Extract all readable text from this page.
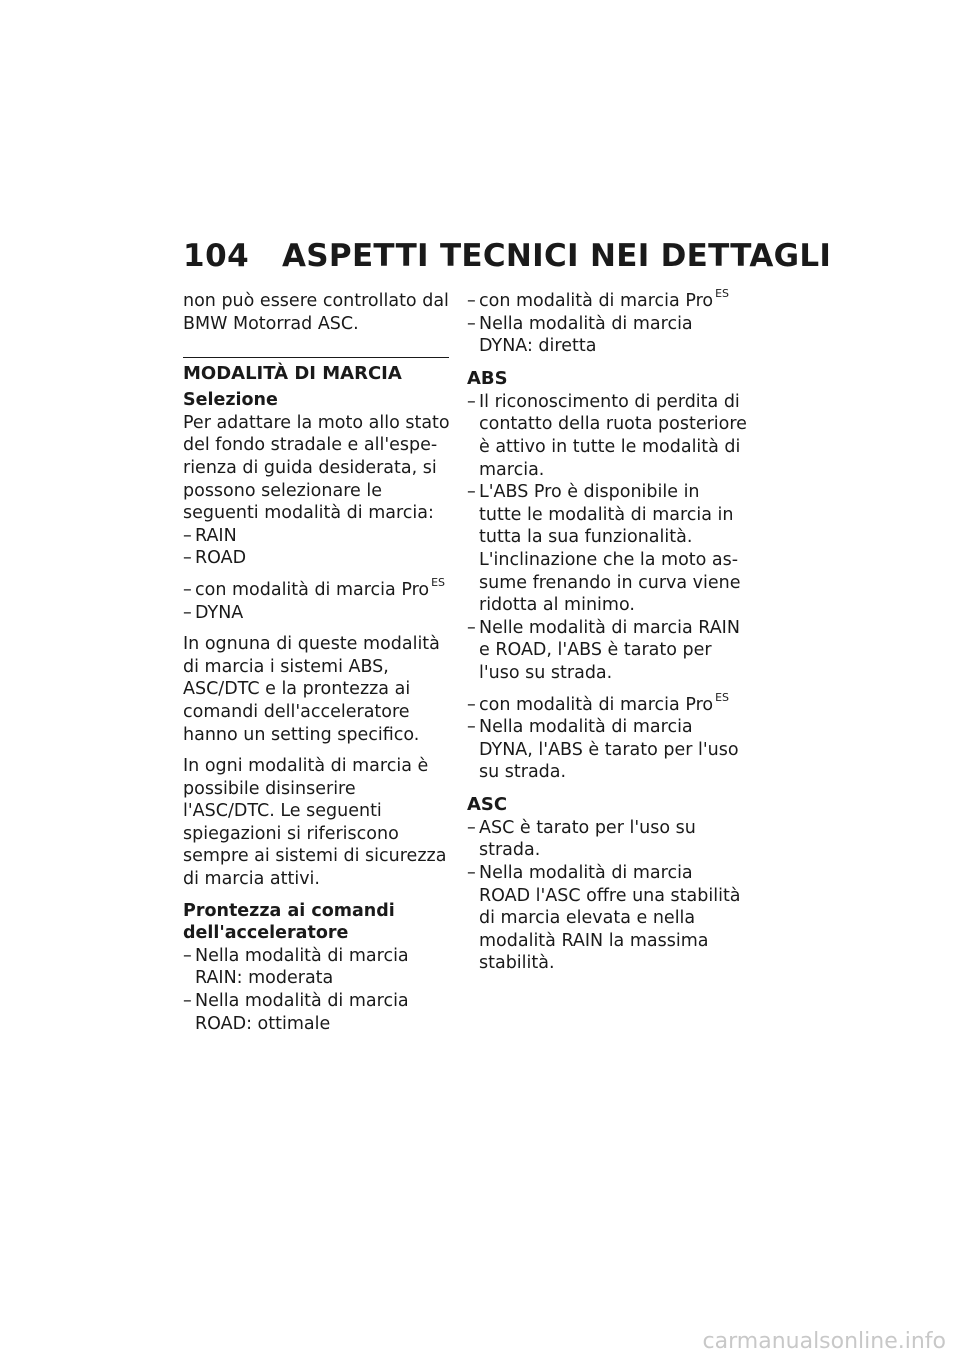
104 ASPETTI TECNICI NEI DETTAGLI

non può essere controllato dal BMW Motorrad ASC.

MODALITÀ DI MARCIA

Selezione

Per adattare la moto allo stato del fondo stradale e all'esperienza di guida desiderata, si possono selezionare le seguenti modalità di marcia:

– RAIN
– ROAD
– con modalità di marcia Pro $^{ES}$
– DYNA

In ognuna di queste modalità di marcia i sistemi ABS, ASC/DTC e la prontezza ai comandi dell'acceleratore hanno un setting specifico.

In ogni modalità di marcia è possibile disinserire l'ASC/DTC. Le seguenti spiegazioni si riferiscono sempre ai sistemi di sicurezza di marcia attivi.

Prontezza ai comandi dell'acceleratore

– Nella modalità di marcia RAIN: moderata
– Nella modalità di marcia ROAD: ottimale
– con modalità di marcia Pro $^{ES}$
– Nella modalità di marcia DYNA: diretta

ABS

– Il riconoscimento di perdita di contatto della ruota posteriore è attivo in tutte le modalità di marcia.
– L'ABS Pro è disponibile in tutte le modalità di marcia in tutta la sua funzionalità. L'inclinazione che la moto assume frenando in curva viene ridotta al minimo.
– Nelle modalità di marcia RAIN e ROAD, l'ABS è tarato per l'uso su strada.
– con modalità di marcia Pro $^{ES}$
– Nella modalità di marcia DYNA, l'ABS è tarato per l'uso su strada.

ASC

– ASC è tarato per l'uso su strada.
– Nella modalità di marcia ROAD l'ASC offre una stabilità di marcia elevata e nella modalità RAIN la massima stabilità.
carmanualsonline.info
